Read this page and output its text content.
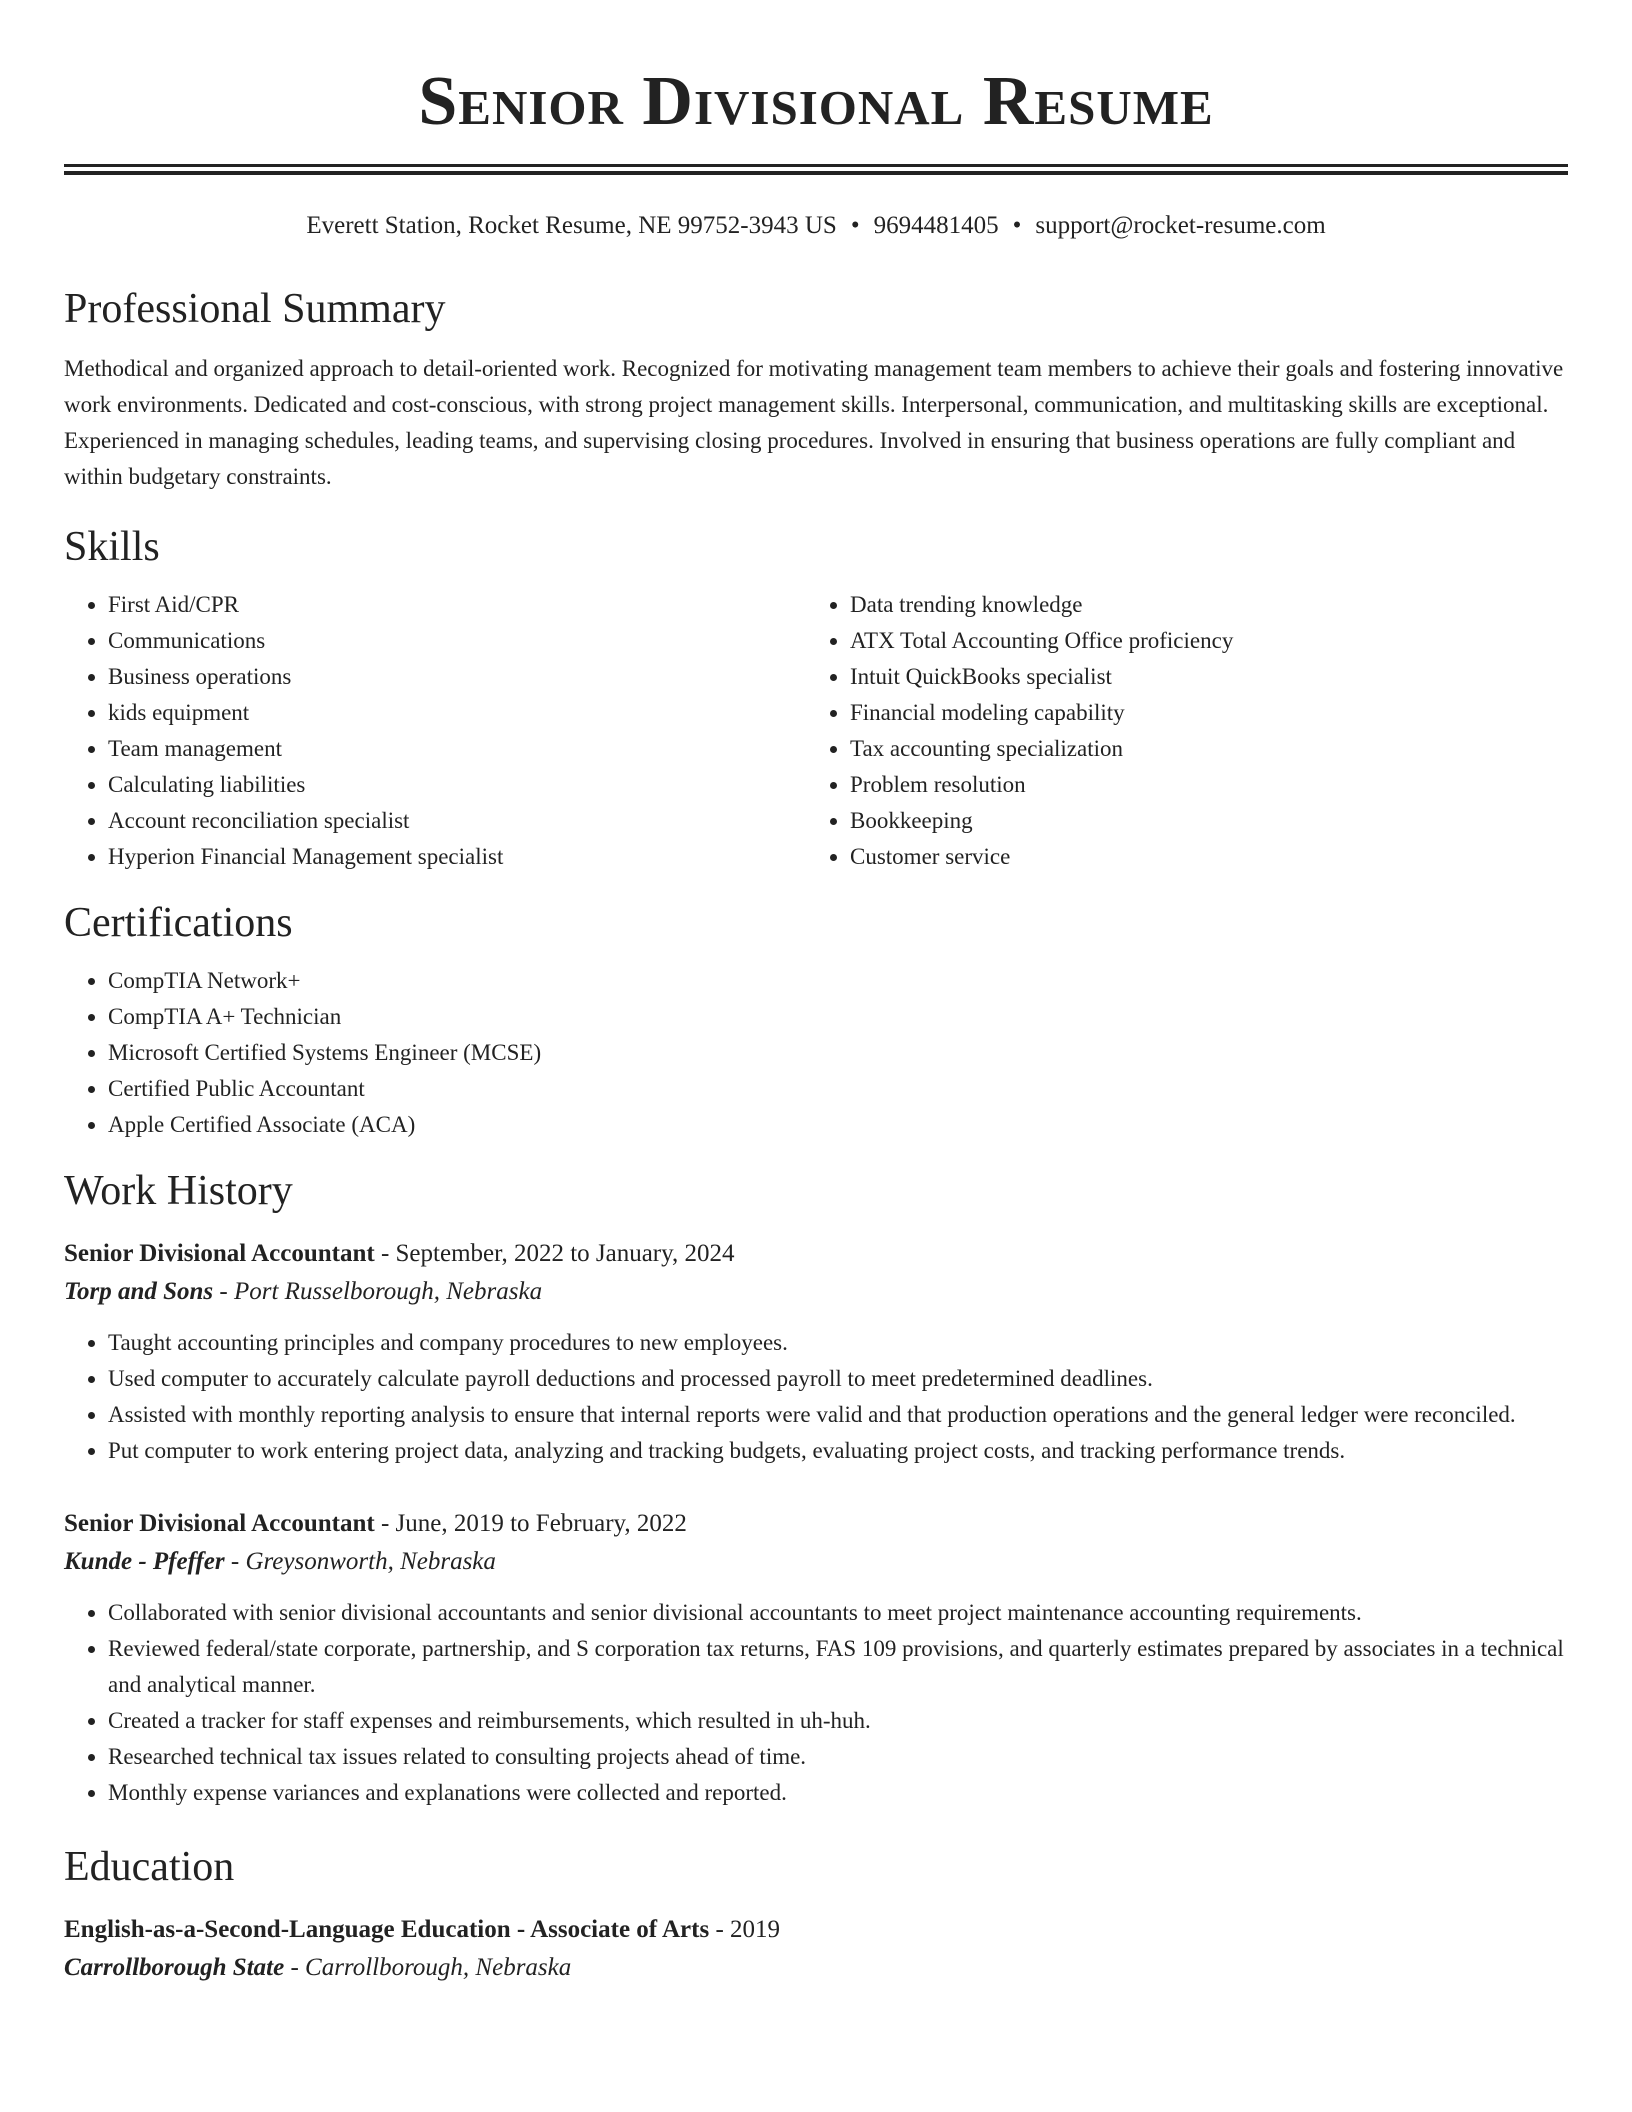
Senior Divisional Resume
Everett Station, Rocket Resume, NE 99752-3943 US • 9694481405 • support@rocket-resume.com
Professional Summary

Methodical and organized approach to detail-oriented work. Recognized for motivating management team members to achieve their goals and fostering innovative work environments. Dedicated and cost-conscious, with strong project management skills. Interpersonal, communication, and multitasking skills are exceptional. Experienced in managing schedules, leading teams, and supervising closing procedures. Involved in ensuring that business operations are fully compliant and within budgetary constraints.

Skills
• First Aid/CPR
• Communications
• Business operations
• kids equipment
• Team management
• Calculating liabilities
• Account reconciliation specialist
• Hyperion Financial Management specialist
• Data trending knowledge
• ATX Total Accounting Office proficiency
• Intuit QuickBooks specialist
• Financial modeling capability
• Tax accounting specialization
• Problem resolution
• Bookkeeping
• Customer service
Certifications
• CompTIA Network+
• CompTIA A+ Technician
• Microsoft Certified Systems Engineer (MCSE)
• Certified Public Accountant
• Apple Certified Associate (ACA)
Work History
Senior Divisional Accountant - September, 2022 to January, 2024
Torp and Sons - Port Russelborough, Nebraska
• Taught accounting principles and company procedures to new employees.
• Used computer to accurately calculate payroll deductions and processed payroll to meet predetermined deadlines.
• Assisted with monthly reporting analysis to ensure that internal reports were valid and that production operations and the general ledger were reconciled.
• Put computer to work entering project data, analyzing and tracking budgets, evaluating project costs, and tracking performance trends.
Senior Divisional Accountant - June, 2019 to February, 2022
Kunde - Pfeffer - Greysonworth, Nebraska
• Collaborated with senior divisional accountants and senior divisional accountants to meet project maintenance accounting requirements.
• Reviewed federal/state corporate, partnership, and S corporation tax returns, FAS 109 provisions, and quarterly estimates prepared by associates in a technical and analytical manner.
• Created a tracker for staff expenses and reimbursements, which resulted in uh-huh.
• Researched technical tax issues related to consulting projects ahead of time.
• Monthly expense variances and explanations were collected and reported.
Education
English-as-a-Second-Language Education - Associate of Arts - 2019
Carrollborough State - Carrollborough, Nebraska
